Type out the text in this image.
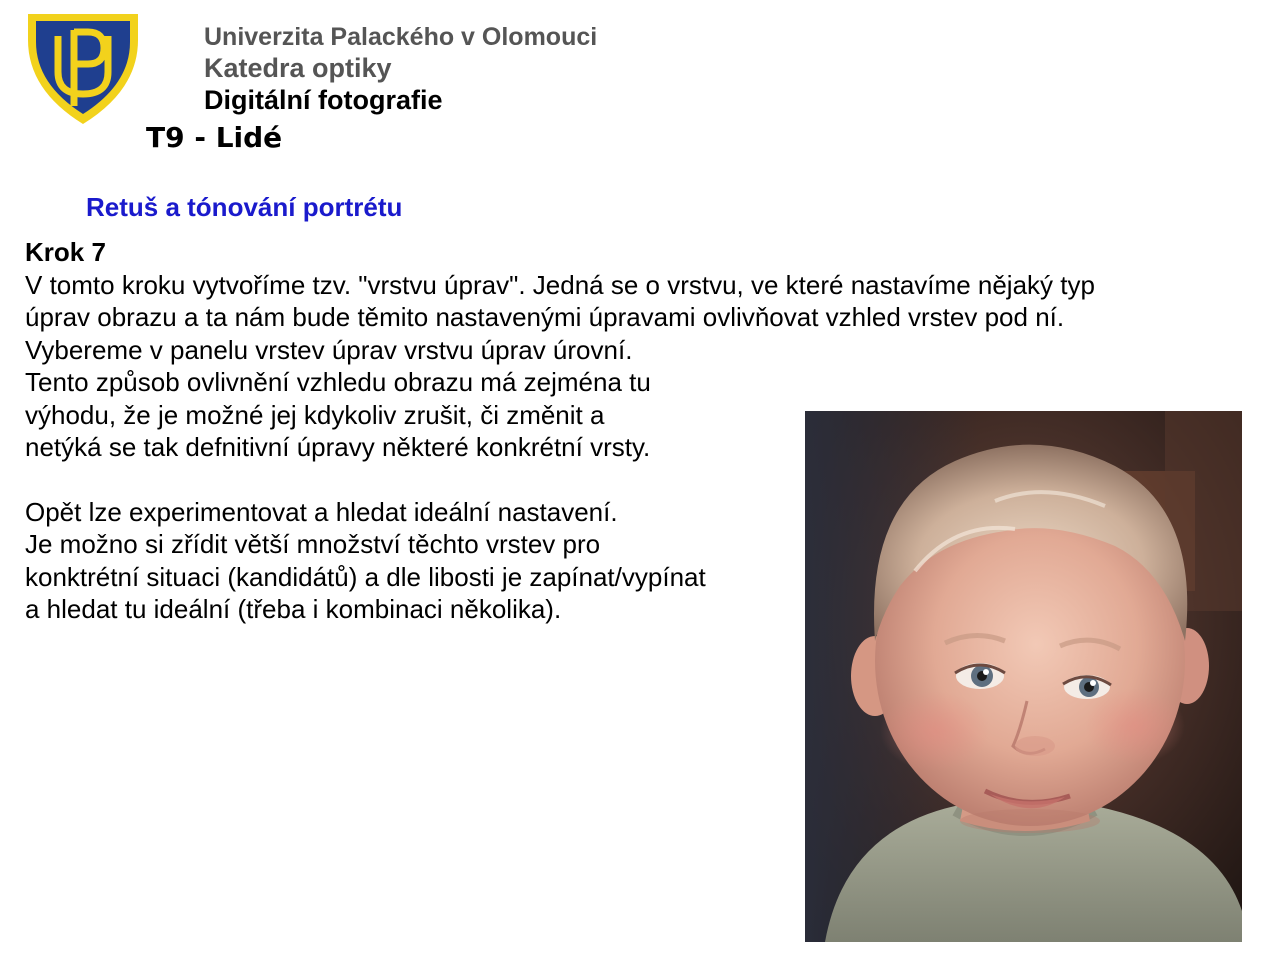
Univerzita Palackého v Olomouci
Katedra optiky
Digitální fotografie
T9 - Lidé
Retuš a tónování portrétu
Krok 7
V tomto kroku vytvoříme tzv. "vrstvu úprav". Jedná se o vrstvu, ve které nastavíme nějaký typ
úprav obrazu a ta nám bude těmito nastavenými úpravami ovlivňovat vzhled vrstev pod ní.
Vybereme v panelu vrstev úprav vrstvu úprav úrovní.
Tento způsob ovlivnění vzhledu obrazu má zejména tu
výhodu, že je možné jej kdykoliv zrušit, či změnit a
netýká se tak defnitivní úpravy některé konkrétní vrsty.
Opět lze experimentovat a hledat ideální nastavení.
Je možno si zřídit větší množství těchto vrstev pro
konktrétní situaci (kandidátů) a dle libosti je zapínat/vypínat
a hledat tu ideální (třeba i kombinaci několika).
